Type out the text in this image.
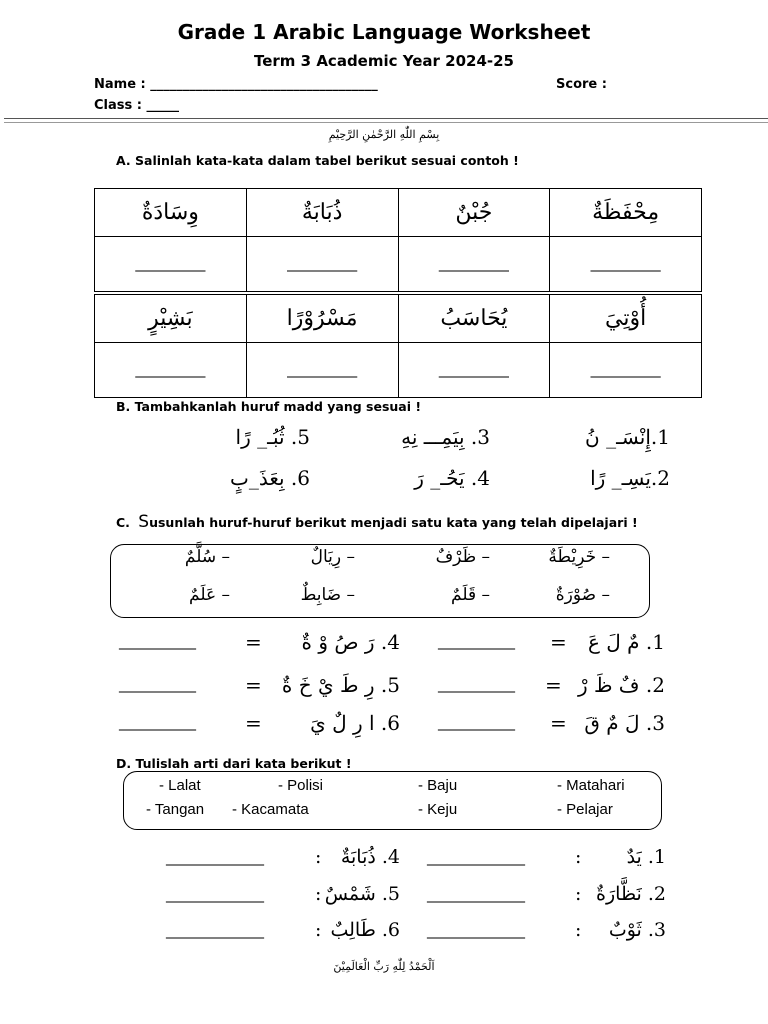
Grade 1 Arabic Language Worksheet
Term 3 Academic Year 2024-25
Name : ___________________________________	Score :
Class : _____
بِسْمِ اللّٰهِ الرَّحْمٰنِ الرَّحِيْمِ
A. Salinlah kata-kata dalam tabel berikut sesuai contoh !
وِسَادَةٌ	ذُبَابَةٌ	جُبْنٌ	مِحْفَظَةٌ
__________	__________	__________	__________
بَشِيْرٍ	مَسْرُوْرًا	يُحَاسَبُ	أُوْتِيَ
__________	__________	__________	__________
B. Tambahkanlah huruf madd yang sesuai !
5. ثُبُـ_ رًا	3. بِيَمِـــ نِهِ	1.إِنْسَـ_ نُ
6. بِعَذَ_بٍ	4. يَحُـ_ رَ	2.يَسِـ_ رًا
C. Susunlah huruf-huruf berikut menjadi satu kata yang telah dipelajari !
– سُلَّمٌ	– رِيَالٌ	– ظَرْفٌ	– خَرِيْطَةٌ
– عَلَمٌ	– ضَابِطٌ	– قَلَمٌ	– صُوْرَةٌ
___________ =	4. رَ صُ وْ ةٌ	___________ =	1. مٌ لَ عَ
___________ =	5. رِ طَ يْ خَ ةٌ	___________ = 2. فٌ ظَ رْ
___________ =	6. ا رِ لٌ يَ	___________ = 3. لَ مٌ قَ
D. Tulislah arti dari kata berikut !
- Lalat	- Polisi	- Baju	- Matahari
- Tangan - Kacamata	- Keju	- Pelajar
______________	:	4. ذُبَابَةٌ ______________	:	1. يَدٌ
______________	: 5. شَمْسٌ ______________	: 2. نَظَّارَةٌ
______________	: 6. طَالِبٌ ______________	:	3. ثَوْبٌ
اَلْحَمْدُ لِلّٰهِ رَبِّ الْعَالَمِيْنَ
